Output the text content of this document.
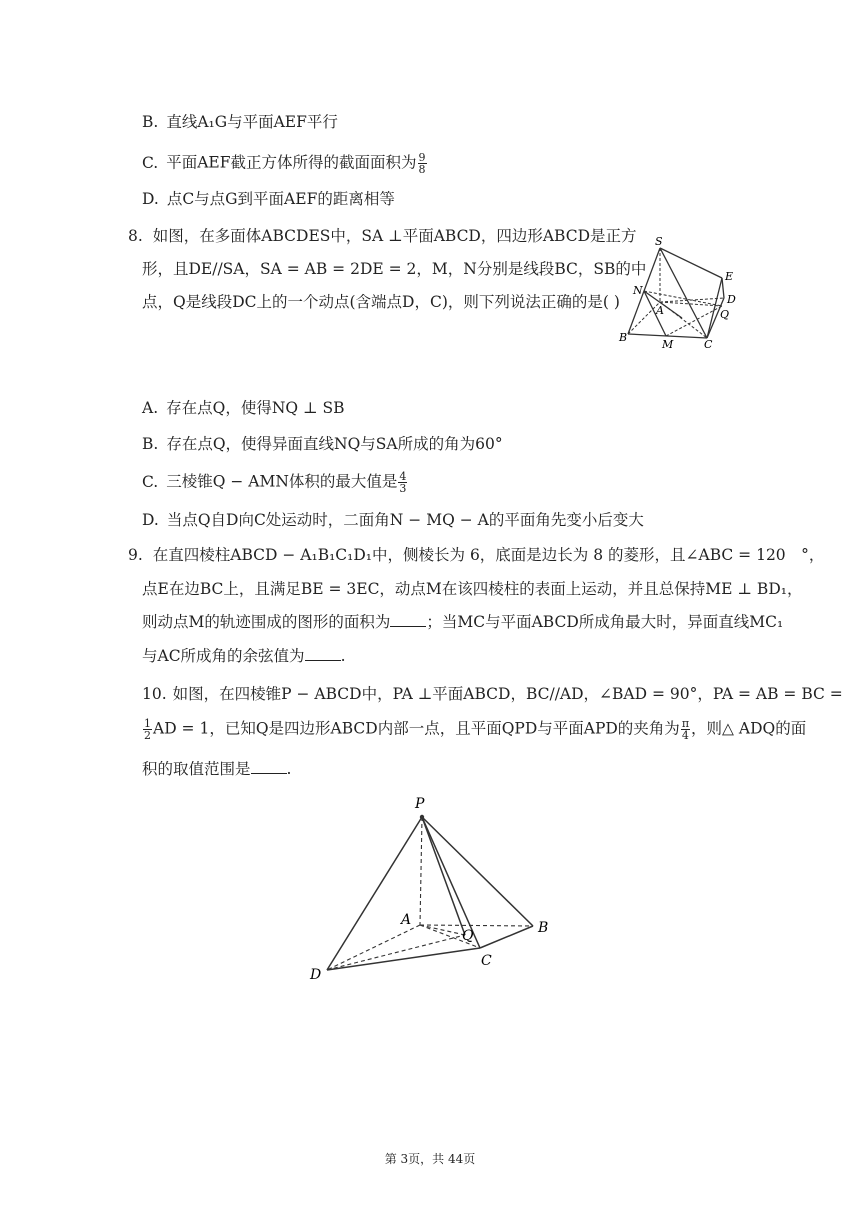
B. 直线A₁G与平面AEF平行
C. 平面AEF截正方体所得的截面面积为 $\frac{9}{8}$
D. 点C与点G到平面AEF的距离相等
8. 如图，在多面体ABCDES中，SA ⊥平面ABCD，四边形ABCD是正方
形，且DE//SA，SA = AB = 2DE = 2，M，N分别是线段BC，SB的中
点，Q是线段DC上的一个动点(含端点D，C)，则下列说法正确的是( )
S
E
N
A
D
Q
B
M	C
A. 存在点Q，使得NQ ⊥ SB
B. 存在点Q，使得异面直线NQ与SA所成的角为60°
C. 三棱锥Q − AMN体积的最大值是 $\frac{4}{3}$
D. 当点Q自D向C处运动时，二面角N − MQ − A的平面角先变小后变大
9. 在直四棱柱ABCD − A₁B₁C₁D₁中，侧棱长为 6，底面是边长为 8 的菱形，且∠ABC = 120　°，
点E在边BC上，且满足BE = 3EC，动点M在该四棱柱的表面上运动，并且总保持ME ⊥ BD₁，
则动点M的轨迹围成的图形的面积为 ；当MC与平面ABCD所成角最大时，异面直线MC₁
与AC所成角的余弦值为 .
10. 如图，在四棱锥P − ABCD中，PA ⊥平面ABCD，BC//AD，∠BAD = 90°，PA = AB = BC =
$\frac{1}{2}$ AD = 1，已知Q是四边形ABCD内部一点，且平面QPD与平面APD的夹角为 $\frac{\pi}{4}$ ，则△ ADQ的面
积的取值范围是 .
P
A
Q	B
D
C
第 3页，共 44页
